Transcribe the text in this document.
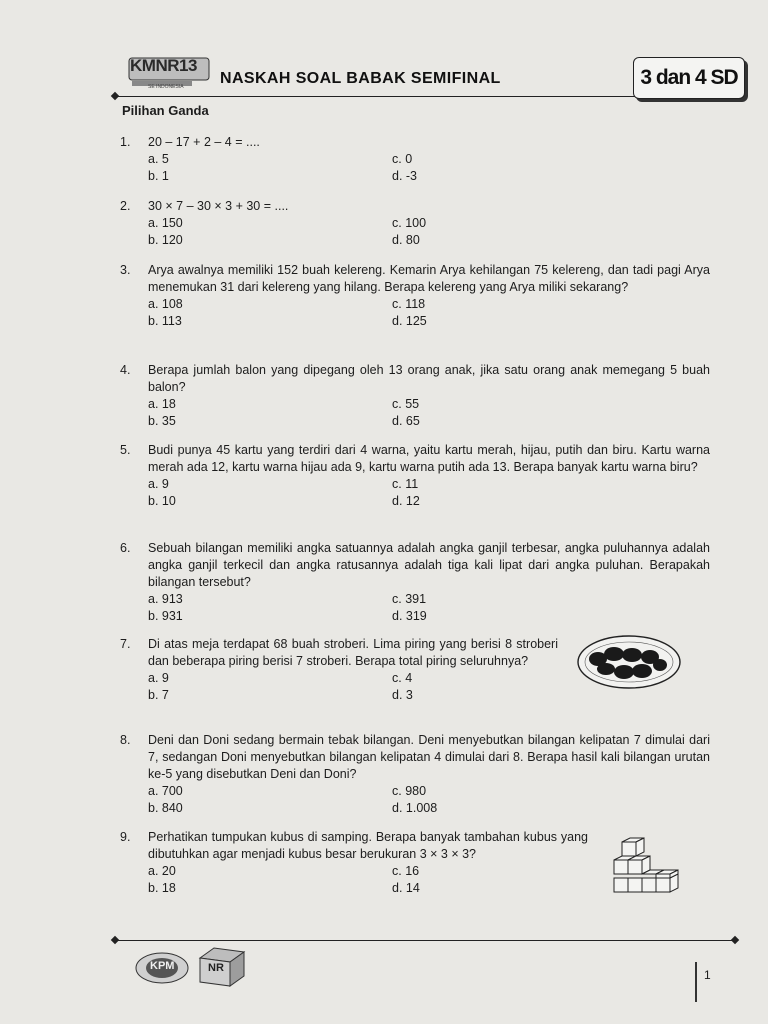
KMNR13
SE INDONESIA NASKAH SOAL BABAK SEMIFINAL	3 dan 4 SD
Pilihan Ganda
1.	20 – 17 + 2 – 4 = ....
a. 5	c. 0
b. 1	d. -3
2.	30 × 7 – 30 × 3 + 30 = ....
a. 150	c. 100
b. 120	d. 80
3.	Arya awalnya memiliki 152 buah kelereng. Kemarin Arya kehilangan 75 kelereng, dan tadi pagi Arya menemukan 31 dari kelereng yang hilang. Berapa kelereng yang Arya miliki sekarang?
a. 108	c. 118
b. 113	d. 125
4.	Berapa jumlah balon yang dipegang oleh 13 orang anak, jika satu orang anak memegang 5 buah balon?
a. 18	c. 55
b. 35	d. 65
5.	Budi punya 45 kartu yang terdiri dari 4 warna, yaitu kartu merah, hijau, putih dan biru. Kartu warna merah ada 12, kartu warna hijau ada 9, kartu warna putih ada 13. Berapa banyak kartu warna biru?
a. 9	c. 11
b. 10	d. 12
6.	Sebuah bilangan memiliki angka satuannya adalah angka ganjil terbesar, angka puluhannya adalah angka ganjil terkecil dan angka ratusannya adalah tiga kali lipat dari angka puluhan. Berapakah bilangan tersebut?
a. 913	c. 391
b. 931	d. 319
7.	Di atas meja terdapat 68 buah stroberi. Lima piring yang berisi 8 stroberi dan beberapa piring berisi 7 stroberi. Berapa total piring seluruhnya?
a. 9	c. 4
b. 7	d. 3
8.	Deni dan Doni sedang bermain tebak bilangan. Deni menyebutkan bilangan kelipatan 7 dimulai dari 7, sedangan Doni menyebutkan bilangan kelipatan 4 dimulai dari 8. Berapa hasil kali bilangan urutan ke-5 yang disebutkan Deni dan Doni?
a. 700	c. 980
b. 840	d. 1.008
9.	Perhatikan tumpukan kubus di samping. Berapa banyak tambahan kubus yang dibutuhkan agar menjadi kubus besar berukuran 3 × 3 × 3?
a. 20	c. 16
b. 18	d. 14
KPM	NR	1
